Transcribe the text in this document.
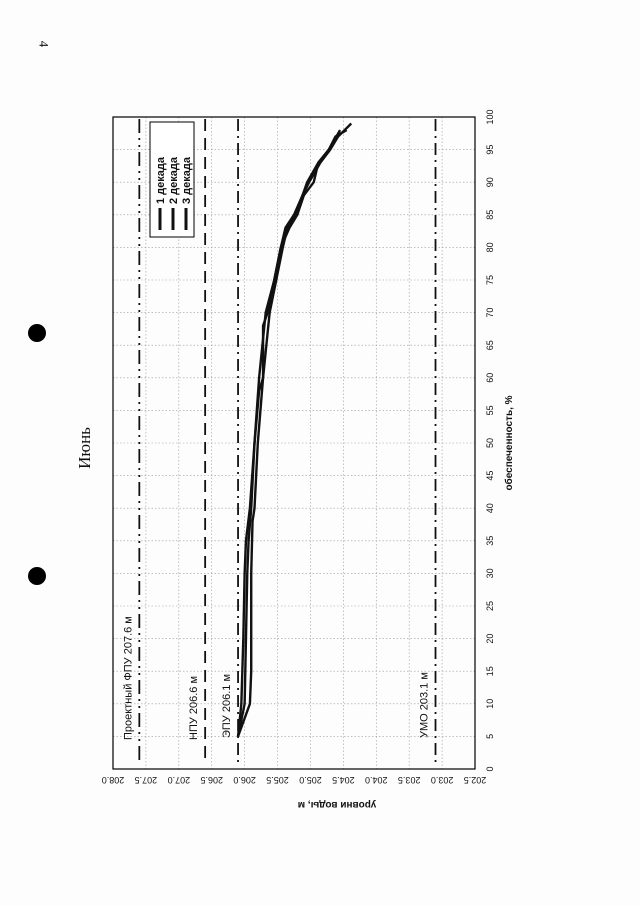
4
Июнь
Проектный ФПУ 207.6 м	НПУ 206.6 м ЭПУ 206.1 м	УМО 203.1 м
0
5
10
15
20
25
30
35
40
45
50
55
60
65
70
75
80
85
90
95
100
202.5
203.0
203.5
204.0
204.5
205.0
205.5
206.0
206.5
207.0
207.5
208.0
обеспеченность, %
уровни воды, м
1 декада 2 декада 3 декада
